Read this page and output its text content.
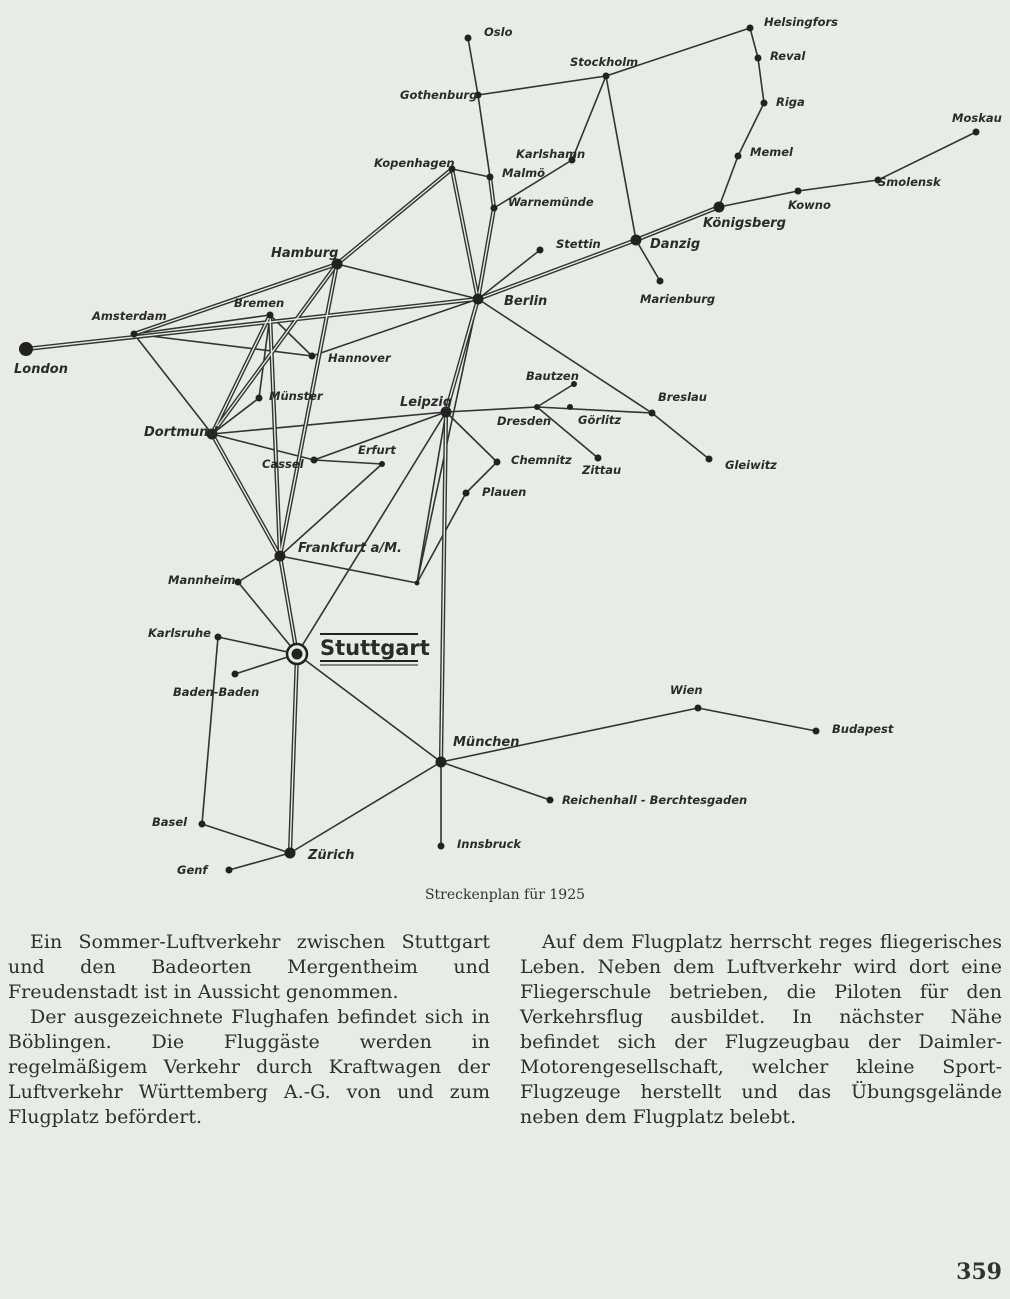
Oslo
Helsingfors
Reval
Stockholm
Gothenburg	Riga
Moskau
Memel
Karlshamn
Kopenhagen
Malmö
Smolensk
Kowno
Warnemünde
Königsberg
Stettin	Danzig
Hamburg
Marienburg
Berlin
Bremen
Amsterdam
London
Hannover
Bautzen
Münster	Breslau
Leipzig
Dresden Görlitz
Dortmund
Erfurt
Cassel	Chemnitz	Gleiwitz
Zittau
Plauen
Frankfurt a/M.
Mannheim
Stuttgart
Karlsruhe
Baden-Baden	Wien
Budapest
München
Reichenhall - Berchtesgaden
Basel
Innsbruck
Zürich
Genf
Streckenplan für 1925

Ein Sommer-Luftverkehr zwischen Stuttgart und den Badeorten Mergentheim und Freudenstadt ist in Aussicht genommen.

Der ausgezeichnete Flughafen befindet sich in Böblingen. Die Fluggäste werden in regelmäßigem Verkehr durch Kraftwagen der Luftverkehr Württemberg A.-G. von und zum Flugplatz befördert.

Auf dem Flugplatz herrscht reges fliegerisches Leben. Neben dem Luftverkehr wird dort eine Fliegerschule betrieben, die Piloten für den Verkehrsflug ausbildet. In nächster Nähe befindet sich der Flugzeugbau der Daimler-Motorengesellschaft, welcher kleine Sport-Flugzeuge herstellt und das Übungsgelände neben dem Flugplatz belebt.

359
